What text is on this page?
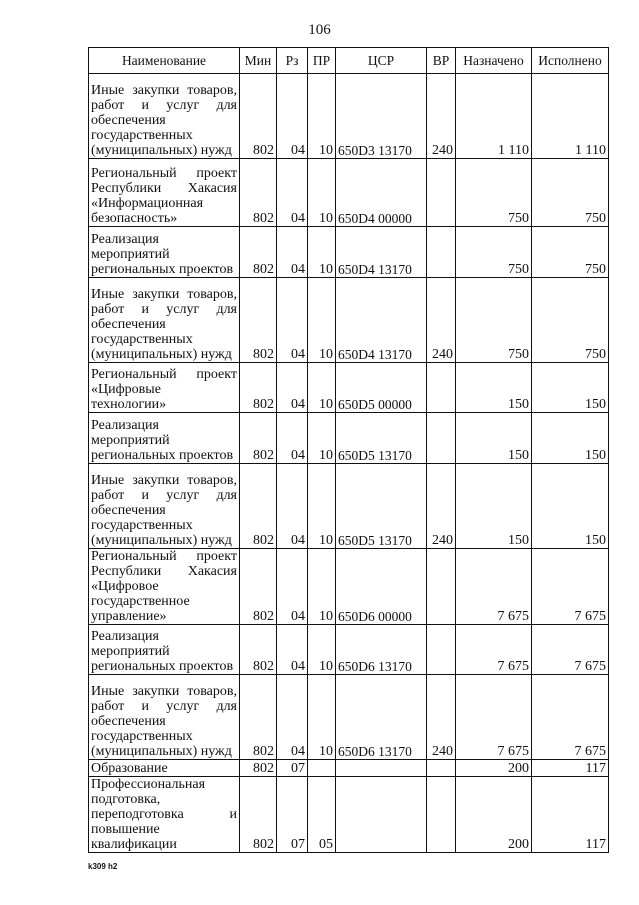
106
Наименование	Мин	Рз	ПР	ЦСР	ВР	Назначено	Исполнено
Иные закупки товаров, работ и услуг для обеспечения государственных (муниципальных) нужд	802	04	10	650D3 13170	240	1 110	1 110
Региональный проект Республики Хакасия «Информационная безопасность»	802	04	10	650D4 00000		750	750
Реализация мероприятий региональных проектов	802	04	10	650D4 13170		750	750
Иные закупки товаров, работ и услуг для обеспечения государственных (муниципальных) нужд	802	04	10	650D4 13170	240	750	750
Региональный проект «Цифровые технологии»	802	04	10	650D5 00000		150	150
Реализация мероприятий региональных проектов	802	04	10	650D5 13170		150	150
Иные закупки товаров, работ и услуг для обеспечения государственных (муниципальных) нужд	802	04	10	650D5 13170	240	150	150
Региональный проект Республики Хакасия «Цифровое государственное управление»	802	04	10	650D6 00000		7 675	7 675
Реализация мероприятий региональных проектов	802	04	10	650D6 13170		7 675	7 675
Иные закупки товаров, работ и услуг для обеспечения государственных (муниципальных) нужд	802	04	10	650D6 13170	240	7 675	7 675
Образование	802	07				200	117
Профессиональная подготовка, переподготовка и повышение квалификации	802	07	05			200	117
k309 h2
